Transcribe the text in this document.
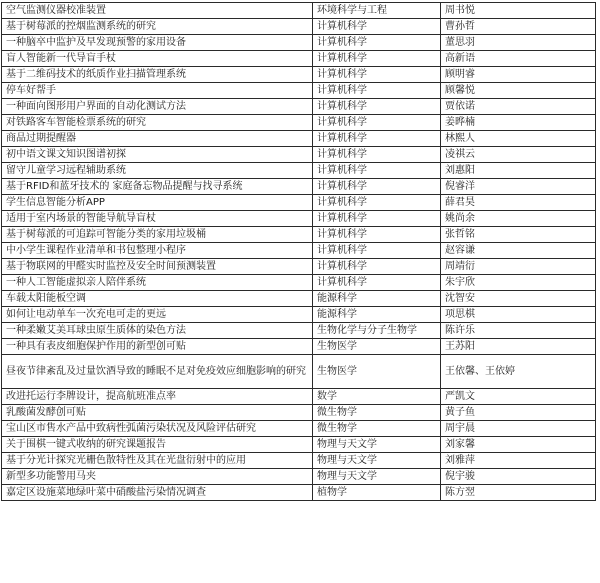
空气监测仪器校准装置	环境科学与工程	周书悦
基于树莓派的控烟监测系统的研究	计算机科学	曹孙哲
一种脑卒中监护及早发现预警的家用设备	计算机科学	董思羽
盲人智能新一代导盲手杖	计算机科学	高新语
基于二维码技术的纸质作业扫描管理系统	计算机科学	顾明睿
停车好帮手	计算机科学	顾馨悦
一种面向图形用户界面的自动化测试方法	计算机科学	贾依诺
对铁路客车智能检票系统的研究	计算机科学	姜晔楠
商品过期提醒器	计算机科学	林熙人
初中语文课文知识图谱初探	计算机科学	凌祺云
留守儿童学习远程辅助系统	计算机科学	刘惠阳
基于RFID和蓝牙技术的 家庭备忘物品提醒与找寻系统	计算机科学	倪睿洋
学生信息智能分析APP	计算机科学	薛君昊
适用于室内场景的智能导航导盲杖	计算机科学	姚尚余
基于树莓派的可追踪可智能分类的家用垃圾桶	计算机科学	张哲铭
中小学生课程作业清单和书包整理小程序	计算机科学	赵容谦
基于物联网的甲醛实时监控及安全时间预测装置	计算机科学	周靖衍
一种人工智能虚拟亲人陪伴系统	计算机科学	朱宇欣
车载太阳能板空调	能源科学	沈智安
如何让电动单车一次充电可走的更远	能源科学	项思棋
一种柔嫩艾美耳球虫原生质体的染色方法	生物化学与分子生物学	陈许乐
一种具有表皮细胞保护作用的新型创可贴	生物医学	王苏阳
昼夜节律紊乱及过量饮酒导致的睡眠不足对免疫效应细胞影响的研究	生物医学	王依馨、王依婷
改进托运行李牌设计，提高航班准点率	数学	严凯文
乳酸菌发酵创可贴	微生物学	黄子鱼
宝山区市售水产品中致病性弧菌污染状况及风险评估研究	微生物学	周宇晨
关于围棋一键式收纳的研究课题报告	物理与天文学	刘家馨
基于分光计探究光栅色散特性及其在光盘衍射中的应用	物理与天文学	刘雅萍
新型多功能警用马夹	物理与天文学	倪宇骏
嘉定区设施菜地绿叶菜中硝酸盐污染情况调查	植物学	陈方翌
